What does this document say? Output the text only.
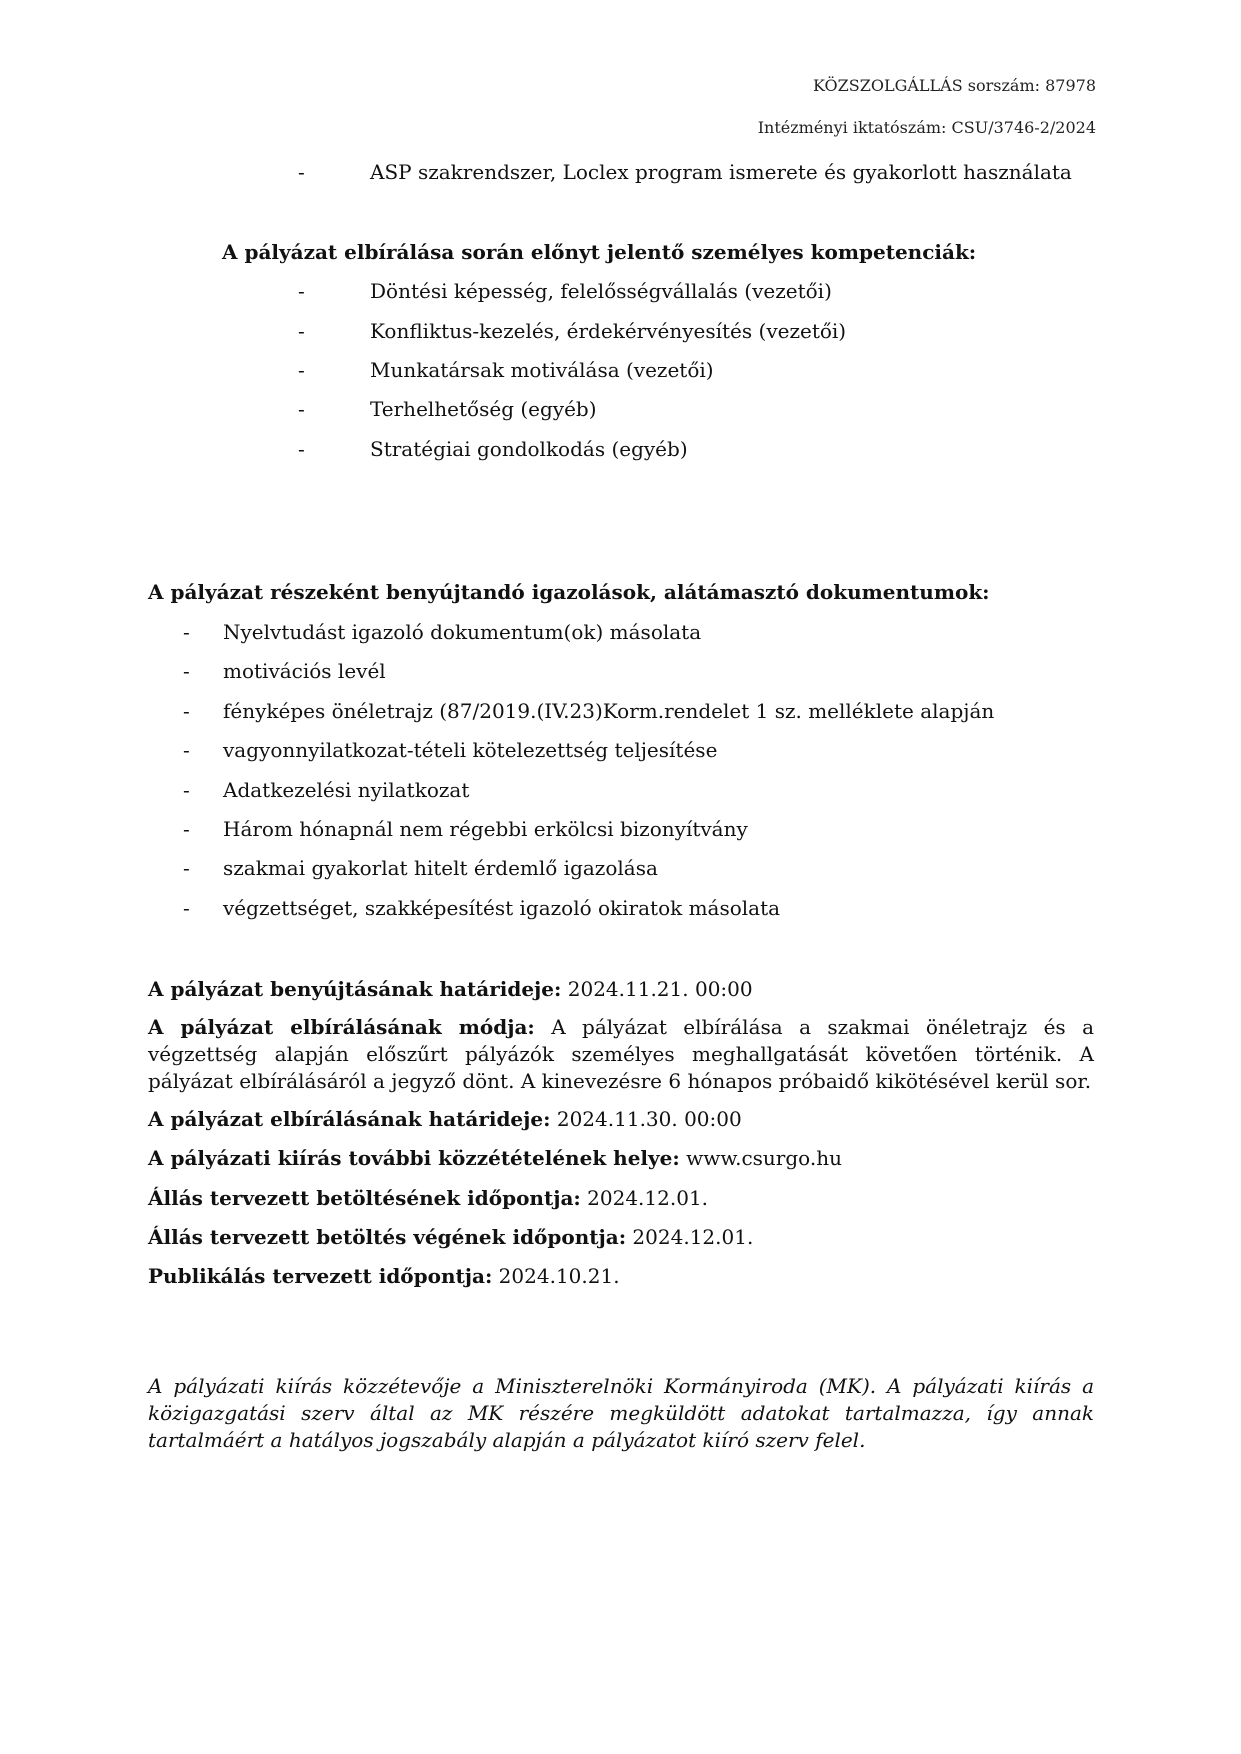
KÖZSZOLGÁLLÁS sorszám: 87978
Intézményi iktatószám: CSU/3746-2/2024
-	ASP szakrendszer, Loclex program ismerete és gyakorlott használata
A pályázat elbírálása során előnyt jelentő személyes kompetenciák:
-	Döntési képesség, felelősségvállalás (vezetői)
-	Konfliktus-kezelés, érdekérvényesítés (vezetői)
-	Munkatársak motiválása (vezetői)
-	Terhelhetőség (egyéb)
-	Stratégiai gondolkodás (egyéb)
A pályázat részeként benyújtandó igazolások, alátámasztó dokumentumok:
- Nyelvtudást igazoló dokumentum(ok) másolata
- motivációs levél
- fényképes önéletrajz (87/2019.(IV.23)Korm.rendelet 1 sz. melléklete alapján
- vagyonnyilatkozat-tételi kötelezettség teljesítése
- Adatkezelési nyilatkozat
- Három hónapnál nem régebbi erkölcsi bizonyítvány
- szakmai gyakorlat hitelt érdemlő igazolása
- végzettséget, szakképesítést igazoló okiratok másolata
A pályázat benyújtásának határideje: 2024.11.21. 00:00
A pályázat elbírálásának módja: A pályázat elbírálása a szakmai önéletrajz és a végzettség alapján előszűrt pályázók személyes meghallgatását követően történik. A pályázat elbírálásáról a jegyző dönt. A kinevezésre 6 hónapos próbaidő kikötésével kerül sor.
A pályázat elbírálásának határideje: 2024.11.30. 00:00
A pályázati kiírás további közzétételének helye: www.csurgo.hu
Állás tervezett betöltésének időpontja: 2024.12.01.
Állás tervezett betöltés végének időpontja: 2024.12.01.
Publikálás tervezett időpontja: 2024.10.21.
A pályázati kiírás közzétevője a Miniszterelnöki Kormányiroda (MK). A pályázati kiírás a közigazgatási szerv által az MK részére megküldött adatokat tartalmazza, így annak tartalmáért a hatályos jogszabály alapján a pályázatot kiíró szerv felel.
